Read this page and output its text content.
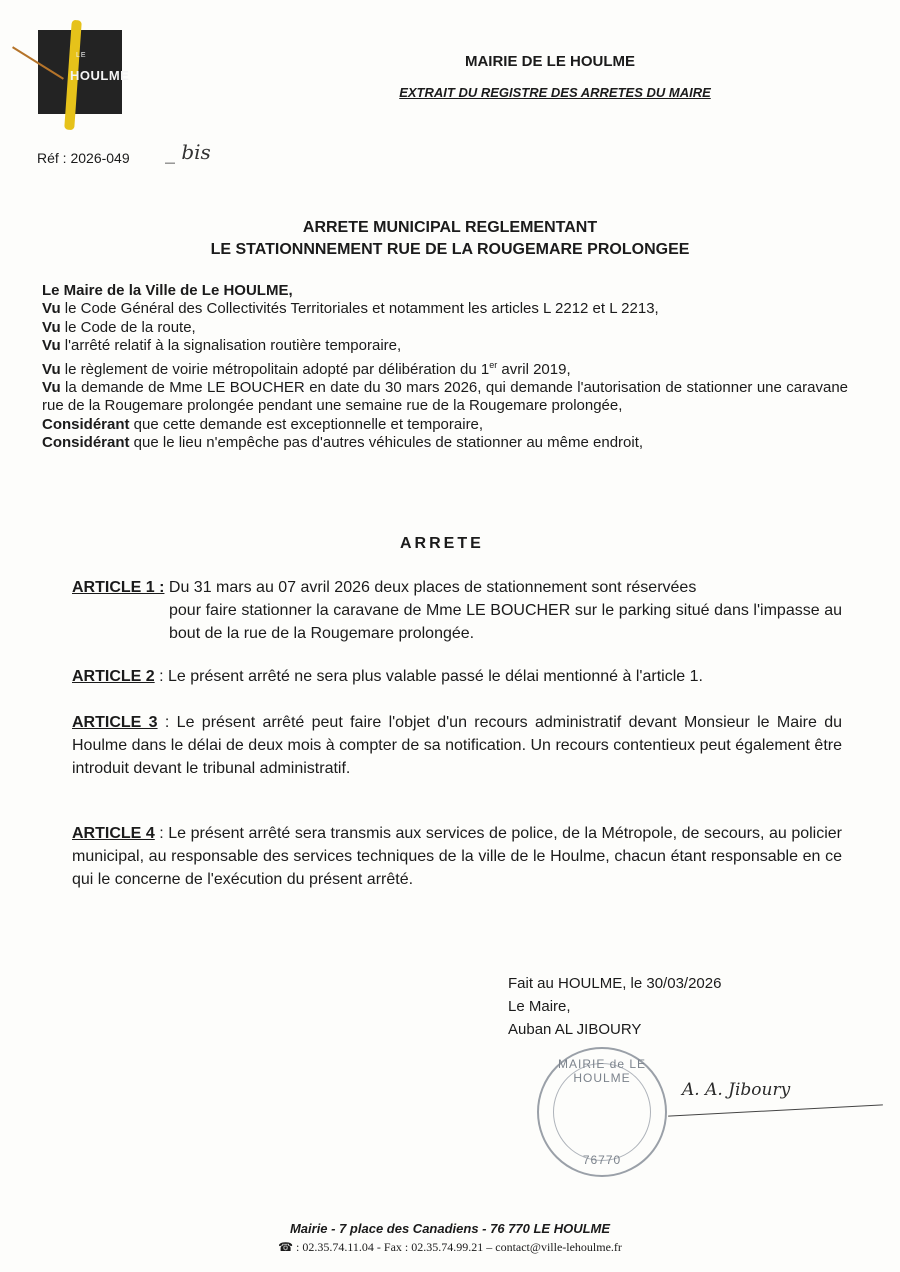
LE
HOULME
MAIRIE DE LE HOULME
EXTRAIT DU REGISTRE DES ARRETES DU MAIRE
Réf : 2026-049 _ bis
ARRETE MUNICIPAL REGLEMENTANT
LE STATIONNNEMENT RUE DE LA ROUGEMARE PROLONGEE

Le Maire de la Ville de Le HOULME,

Vu le Code Général des Collectivités Territoriales et notamment les articles L 2212 et L 2213,

Vu le Code de la route,

Vu l'arrêté relatif à la signalisation routière temporaire,

Vu le règlement de voirie métropolitain adopté par délibération du 1er avril 2019,

Vu la demande de Mme LE BOUCHER en date du 30 mars 2026, qui demande l'autorisation de stationner une caravane rue de la Rougemare prolongée pendant une semaine rue de la Rougemare prolongée,

Considérant que cette demande est exceptionnelle et temporaire,

Considérant que le lieu n'empêche pas d'autres véhicules de stationner au même endroit,

ARRETE
ARTICLE 1 : Du 31 mars au 07 avril 2026 deux places de stationnement sont réservées
pour faire stationner la caravane de Mme LE BOUCHER sur le parking situé dans l'impasse au bout de la rue de la Rougemare prolongée.
ARTICLE 2 : Le présent arrêté ne sera plus valable passé le délai mentionné à l'article 1.
ARTICLE 3 : Le présent arrêté peut faire l'objet d'un recours administratif devant Monsieur le Maire du Houlme dans le délai de deux mois à compter de sa notification. Un recours contentieux peut également être introduit devant le tribunal administratif.
ARTICLE 4 : Le présent arrêté sera transmis aux services de police, de la Métropole, de secours, au policier municipal, au responsable des services techniques de la ville de le Houlme, chacun étant responsable en ce qui le concerne de l'exécution du présent arrêté.
Fait au HOULME, le 30/03/2026
Le Maire,
Auban AL JIBOURY
MAIRIE de LE HOULME
76770
A. A. Jiboury
Mairie - 7 place des Canadiens - 76 770 LE HOULME
☎ : 02.35.74.11.04 - Fax : 02.35.74.99.21 – contact@ville-lehoulme.fr
